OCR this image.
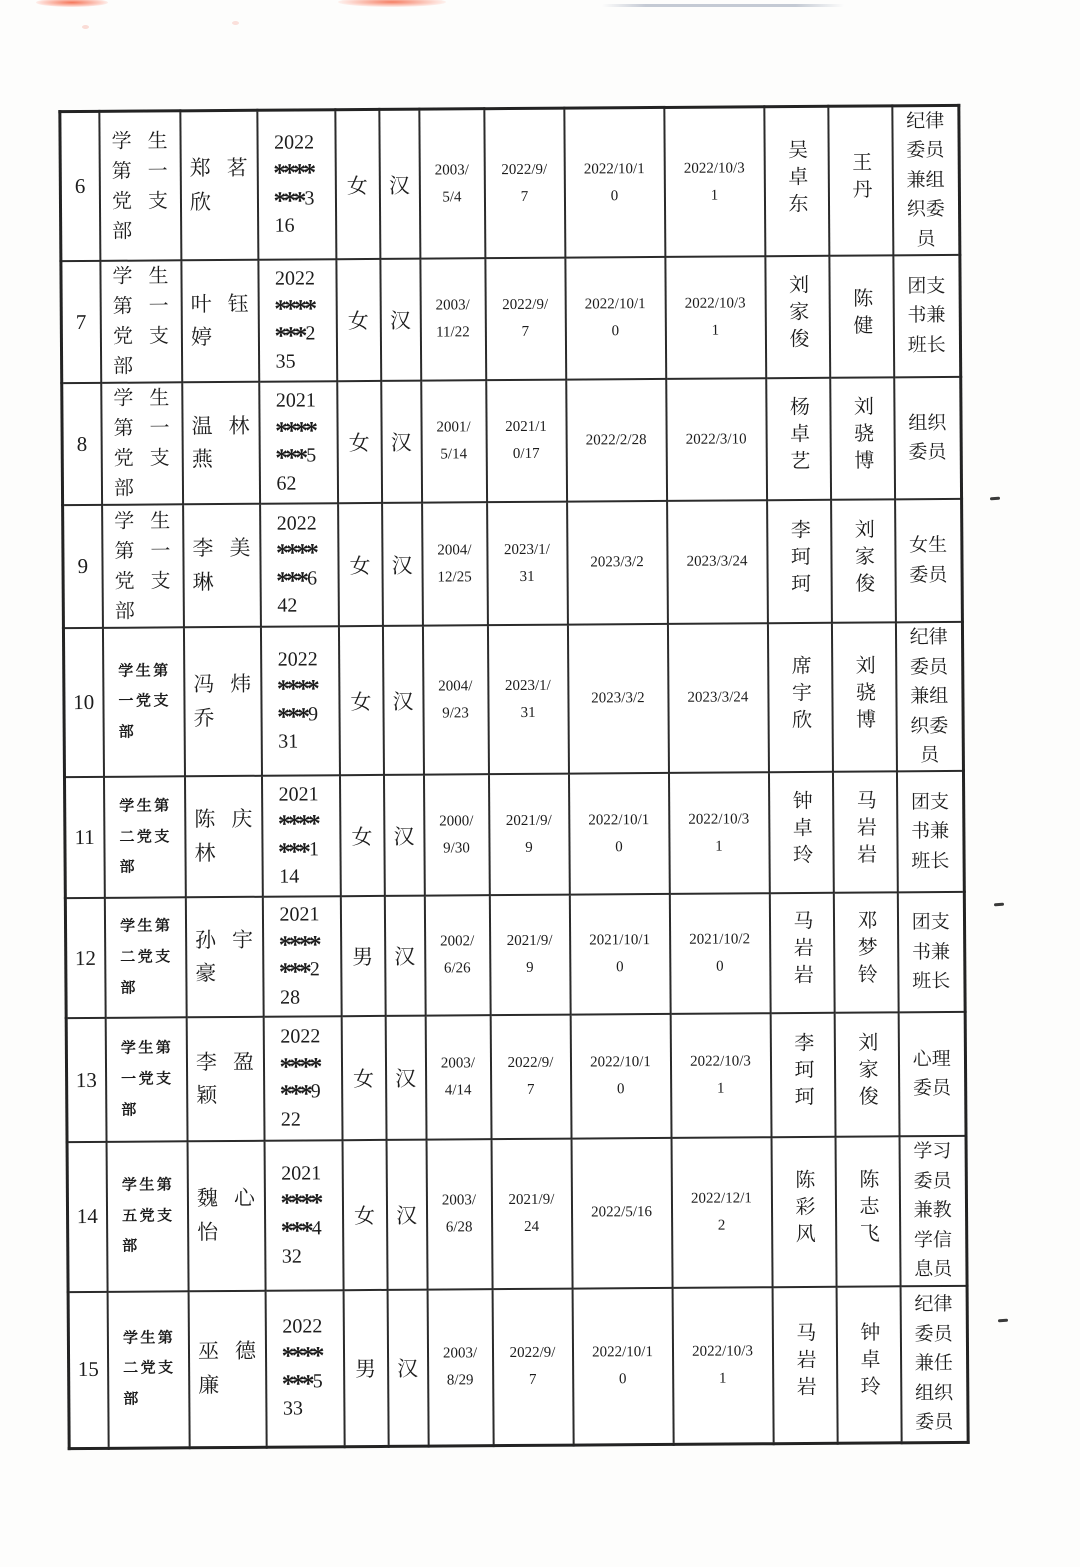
6	学生第一党支部	郑茗欣	2022*******316	女	汉	2003/5/4	2022/9/7	2022/10/10	2022/10/31	吴卓东	王丹	纪律委员兼组织委员

7	学生第一党支部	叶钰婷	2022*******235	女	汉	2003/11/22	2022/9/7	2022/10/10	2022/10/31	刘家俊	陈健	团支书兼班长

8	学生第一党支部	温林燕	2021*******562	女	汉	2001/5/14	2021/10/17	2022/2/28	2022/3/10	杨卓艺	刘骁博	组织委员

9	学生第一党支部	李美琳	2022*******642	女	汉	2004/12/25	2023/1/31	2023/3/2	2023/3/24	李珂珂	刘家俊	女生委员

10	学生第一党支部	冯炜乔	2022*******931	女	汉	2004/9/23	2023/1/31	2023/3/2	2023/3/24	席宇欣	刘骁博	纪律委员兼组织委员

11	学生第二党支部	陈庆林	2021*******114	女	汉	2000/9/30	2021/9/9	2022/10/10	2022/10/31	钟卓玲	马岩岩	团支书兼班长

12	学生第二党支部	孙宇豪	2021*******228	男	汉	2002/6/26	2021/9/9	2021/10/10	2021/10/20	马岩岩	邓梦铃	团支书兼班长

13	学生第一党支部	李盈颖	2022*******922	女	汉	2003/4/14	2022/9/7	2022/10/10	2022/10/31	李珂珂	刘家俊	心理委员

14	学生第五党支部	魏心怡	2021*******432	女	汉	2003/6/28	2021/9/24	2022/5/16	2022/12/12	陈彩风	陈志飞	学习委员兼教学信息员

15	学生第二党支部	巫德廉	2022*******533	男	汉	2003/8/29	2022/9/7	2022/10/10	2022/10/31	马岩岩	钟卓玲	纪律委员兼任组织委员
